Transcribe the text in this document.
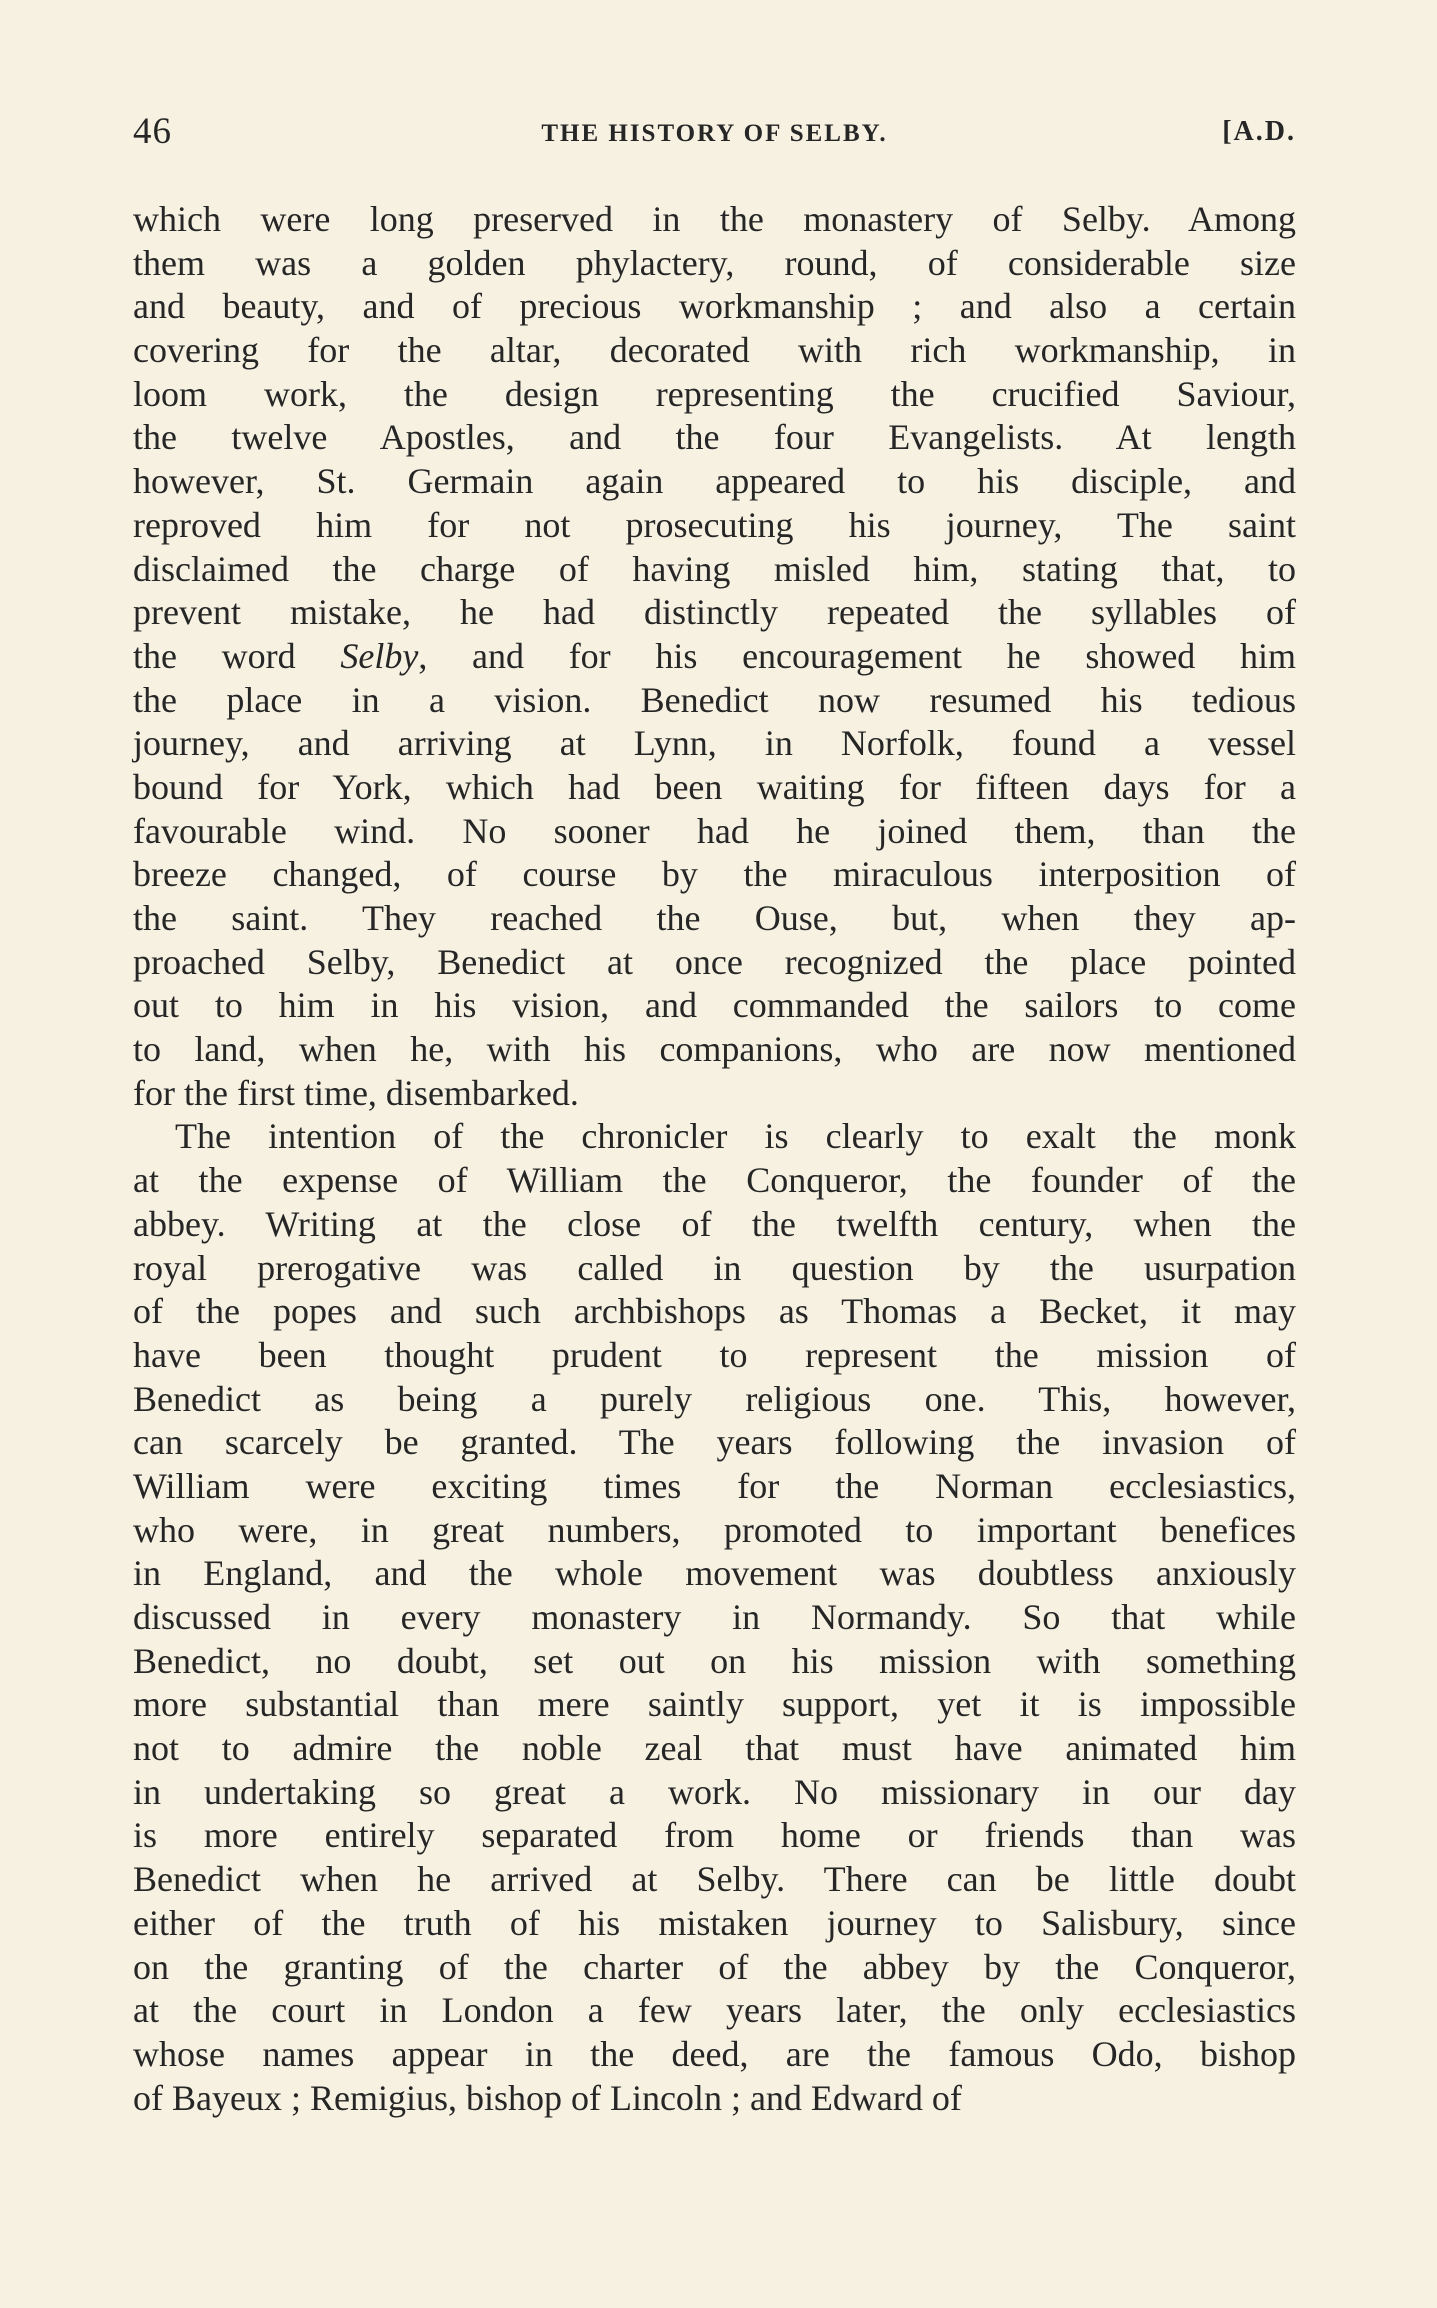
46	THE HISTORY OF SELBY.	[A.D.
which were long preserved in the monastery of Selby. Among
them was a golden phylactery, round, of considerable size
and beauty, and of precious workmanship ; and also a certain
covering for the altar, decorated with rich workmanship, in
loom work, the design representing the crucified Saviour,
the twelve Apostles, and the four Evangelists. At length
however, St. Germain again appeared to his disciple, and
reproved him for not prosecuting his journey, The saint
disclaimed the charge of having misled him, stating that, to
prevent mistake, he had distinctly repeated the syllables of
the word Selby, and for his encouragement he showed him
the place in a vision. Benedict now resumed his tedious
journey, and arriving at Lynn, in Norfolk, found a vessel
bound for York, which had been waiting for fifteen days for a
favourable wind. No sooner had he joined them, than the
breeze changed, of course by the miraculous interposition of
the saint. They reached the Ouse, but, when they ap-
proached Selby, Benedict at once recognized the place pointed
out to him in his vision, and commanded the sailors to come
to land, when he, with his companions, who are now mentioned
for the first time, disembarked.
The intention of the chronicler is clearly to exalt the monk
at the expense of William the Conqueror, the founder of the
abbey. Writing at the close of the twelfth century, when the
royal prerogative was called in question by the usurpation
of the popes and such archbishops as Thomas a Becket, it may
have been thought prudent to represent the mission of
Benedict as being a purely religious one. This, however,
can scarcely be granted. The years following the invasion of
William were exciting times for the Norman ecclesiastics,
who were, in great numbers, promoted to important benefices
in England, and the whole movement was doubtless anxiously
discussed in every monastery in Normandy. So that while
Benedict, no doubt, set out on his mission with something
more substantial than mere saintly support, yet it is impossible
not to admire the noble zeal that must have animated him
in undertaking so great a work. No missionary in our day
is more entirely separated from home or friends than was
Benedict when he arrived at Selby. There can be little doubt
either of the truth of his mistaken journey to Salisbury, since
on the granting of the charter of the abbey by the Conqueror,
at the court in London a few years later, the only ecclesiastics
whose names appear in the deed, are the famous Odo, bishop
of Bayeux ; Remigius, bishop of Lincoln ; and Edward of
